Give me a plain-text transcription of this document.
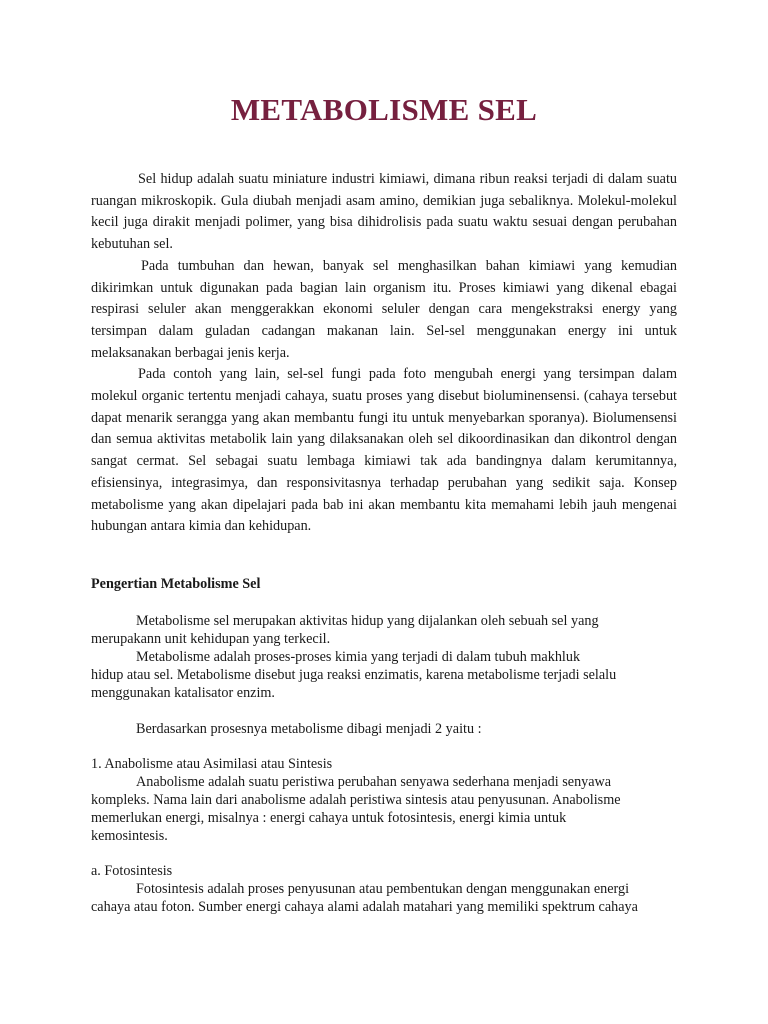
METABOLISME SEL

Sel hidup adalah suatu miniature industri kimiawi, dimana ribun reaksi terjadi di dalam suatu ruangan mikroskopik. Gula diubah menjadi asam amino, demikian juga sebaliknya. Molekul-molekul kecil juga dirakit menjadi polimer, yang bisa dihidrolisis pada suatu waktu sesuai dengan perubahan kebutuhan sel.

Pada tumbuhan dan hewan, banyak sel menghasilkan bahan kimiawi yang kemudian dikirimkan untuk digunakan pada bagian lain organism itu. Proses kimiawi yang dikenal ebagai respirasi seluler akan menggerakkan ekonomi seluler dengan cara mengekstraksi energy yang tersimpan dalam guladan cadangan makanan lain. Sel-sel menggunakan energy ini untuk melaksanakan berbagai jenis kerja.

Pada contoh yang lain, sel-sel fungi pada foto mengubah energi yang tersimpan dalam molekul organic tertentu menjadi cahaya, suatu proses yang disebut bioluminensensi. (cahaya tersebut dapat menarik serangga yang akan membantu fungi itu untuk menyebarkan sporanya). Biolumensensi dan semua aktivitas metabolik lain yang dilaksanakan oleh sel dikoordinasikan dan dikontrol dengan sangat cermat. Sel sebagai suatu lembaga kimiawi tak ada bandingnya dalam kerumitannya, efisiensinya, integrasimya, dan responsivitasnya terhadap perubahan yang sedikit saja. Konsep metabolisme yang akan dipelajari pada bab ini akan membantu kita memahami lebih jauh mengenai hubungan antara kimia dan kehidupan.

Pengertian Metabolisme Sel
Metabolisme sel merupakan aktivitas hidup yang dijalankan oleh sebuah sel yang
merupakann unit kehidupan yang terkecil.
Metabolisme adalah proses-proses kimia yang terjadi di dalam tubuh makhluk
hidup atau sel. Metabolisme disebut juga reaksi enzimatis, karena metabolisme terjadi selalu
menggunakan katalisator enzim.
Berdasarkan prosesnya metabolisme dibagi menjadi 2 yaitu :
1. Anabolisme atau Asimilasi atau Sintesis
Anabolisme adalah suatu peristiwa perubahan senyawa sederhana menjadi senyawa
kompleks. Nama lain dari anabolisme adalah peristiwa sintesis atau penyusunan. Anabolisme
memerlukan energi, misalnya : energi cahaya untuk fotosintesis, energi kimia untuk
kemosintesis.
a. Fotosintesis
Fotosintesis adalah proses penyusunan atau pembentukan dengan menggunakan energi
cahaya atau foton. Sumber energi cahaya alami adalah matahari yang memiliki spektrum cahaya
